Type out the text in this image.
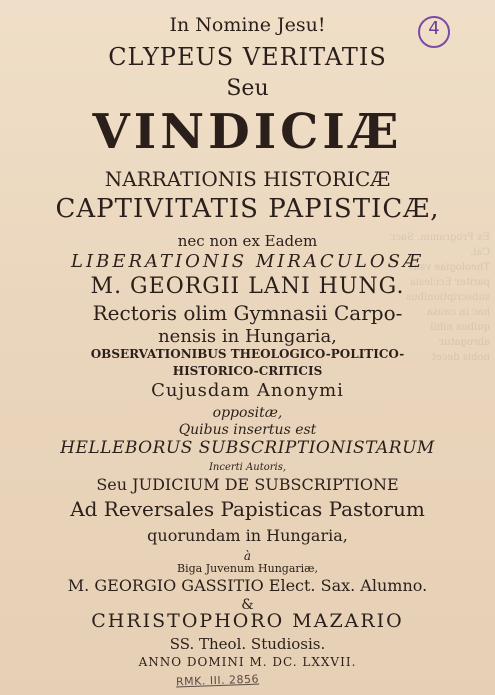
Ex Programm. Sacr. Cal.
Theologiae vsus
pariter Ecclesia
subscriptionibus
hac in causa
quibus nihil
abrogatur
nobis decet
4
In Nomine Jesu!
CLYPEUS VERITATIS
Seu
VINDICIÆ
NARRATIONIS HISTORICÆ
CAPTIVITATIS PAPISTICÆ,
nec non ex Eadem
LIBERATIONIS MIRACULOSÆ
M. GEORGII LANI HUNG.
Rectoris olim Gymnasii Carpo-
nensis in Hungaria,
OBSERVATIONIBUS THEOLOGICO-POLITICO-
HISTORICO-CRITICIS
Cujusdam Anonymi
oppositæ,
Quibus insertus est
HELLEBORUS SUBSCRIPTIONISTARUM
Incerti Autoris,
Seu JUDICIUM DE SUBSCRIPTIONE
Ad Reversales Papisticas Pastorum
quorundam in Hungaria,
à
Biga Juvenum Hungariæ,
M. GEORGIO GASSITIO Elect. Sax. Alumno.
&
CHRISTOPHORO MAZARIO
SS. Theol. Studiosis.
ANNO DOMINI M. DC. LXXVII.
RMK. III. 2856
